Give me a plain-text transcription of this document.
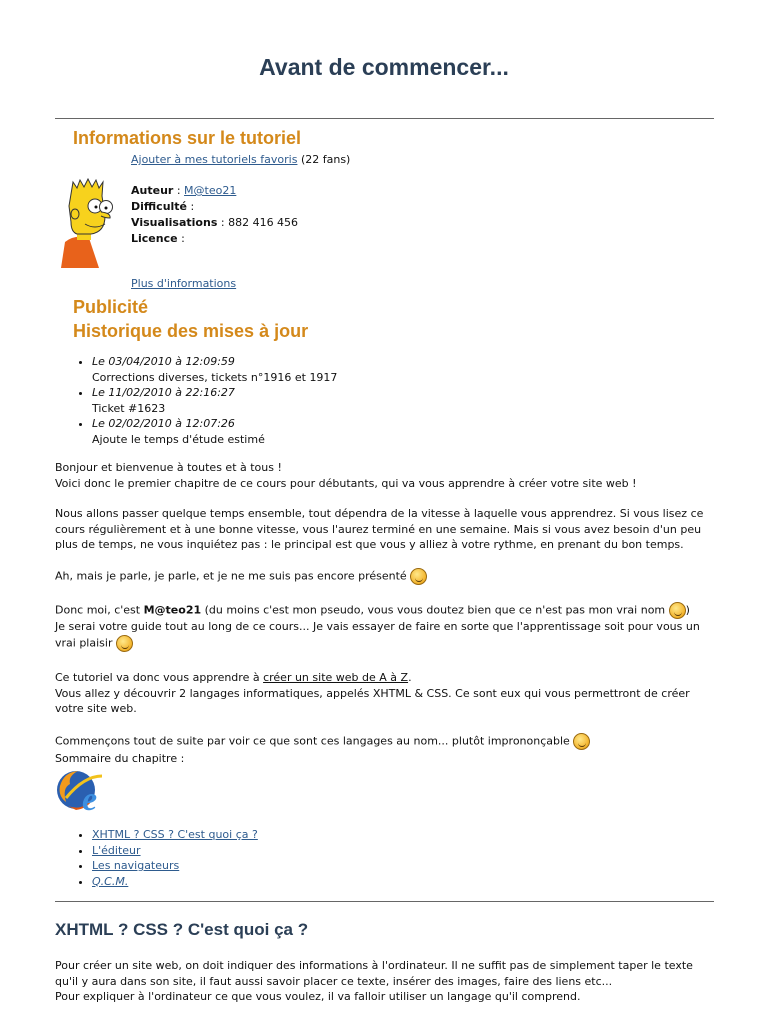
Avant de commencer...
Informations sur le tutoriel
Ajouter à mes tutoriels favoris (22 fans)
Auteur : M@teo21
Difficulté :
Visualisations : 882 416 456
Licence :
Plus d'informations
Publicité
Historique des mises à jour
• Le 03/04/2010 à 12:09:59
Corrections diverses, tickets n°1916 et 1917
• Le 11/02/2010 à 22:16:27
Ticket #1623
• Le 02/02/2010 à 12:07:26
Ajoute le temps d'étude estimé
Bonjour et bienvenue à toutes et à tous !
Voici donc le premier chapitre de ce cours pour débutants, qui va vous apprendre à créer votre site web !
Nous allons passer quelque temps ensemble, tout dépendra de la vitesse à laquelle vous apprendrez. Si vous lisez ce cours régulièrement et à une bonne vitesse, vous l'aurez terminé en une semaine. Mais si vous avez besoin d'un peu plus de temps, ne vous inquiétez pas : le principal est que vous y alliez à votre rythme, en prenant du bon temps.
Ah, mais je parle, je parle, et je ne me suis pas encore présenté
Donc moi, c'est M@teo21 (du moins c'est mon pseudo, vous vous doutez bien que ce n'est pas mon vrai nom )
Je serai votre guide tout au long de ce cours... Je vais essayer de faire en sorte que l'apprentissage soit pour vous un vrai plaisir
Ce tutoriel va donc vous apprendre à créer un site web de A à Z.
Vous allez y découvrir 2 langages informatiques, appelés XHTML & CSS. Ce sont eux qui vous permettront de créer votre site web.
Commençons tout de suite par voir ce que sont ces langages au nom... plutôt imprononçable
Sommaire du chapitre :
e
• XHTML ? CSS ? C'est quoi ça ?
• L'éditeur
• Les navigateurs
• Q.C.M.
XHTML ? CSS ? C'est quoi ça ?
Pour créer un site web, on doit indiquer des informations à l'ordinateur. Il ne suffit pas de simplement taper le texte qu'il y aura dans son site, il faut aussi savoir placer ce texte, insérer des images, faire des liens etc...
Pour expliquer à l'ordinateur ce que vous voulez, il va falloir utiliser un langage qu'il comprend.
